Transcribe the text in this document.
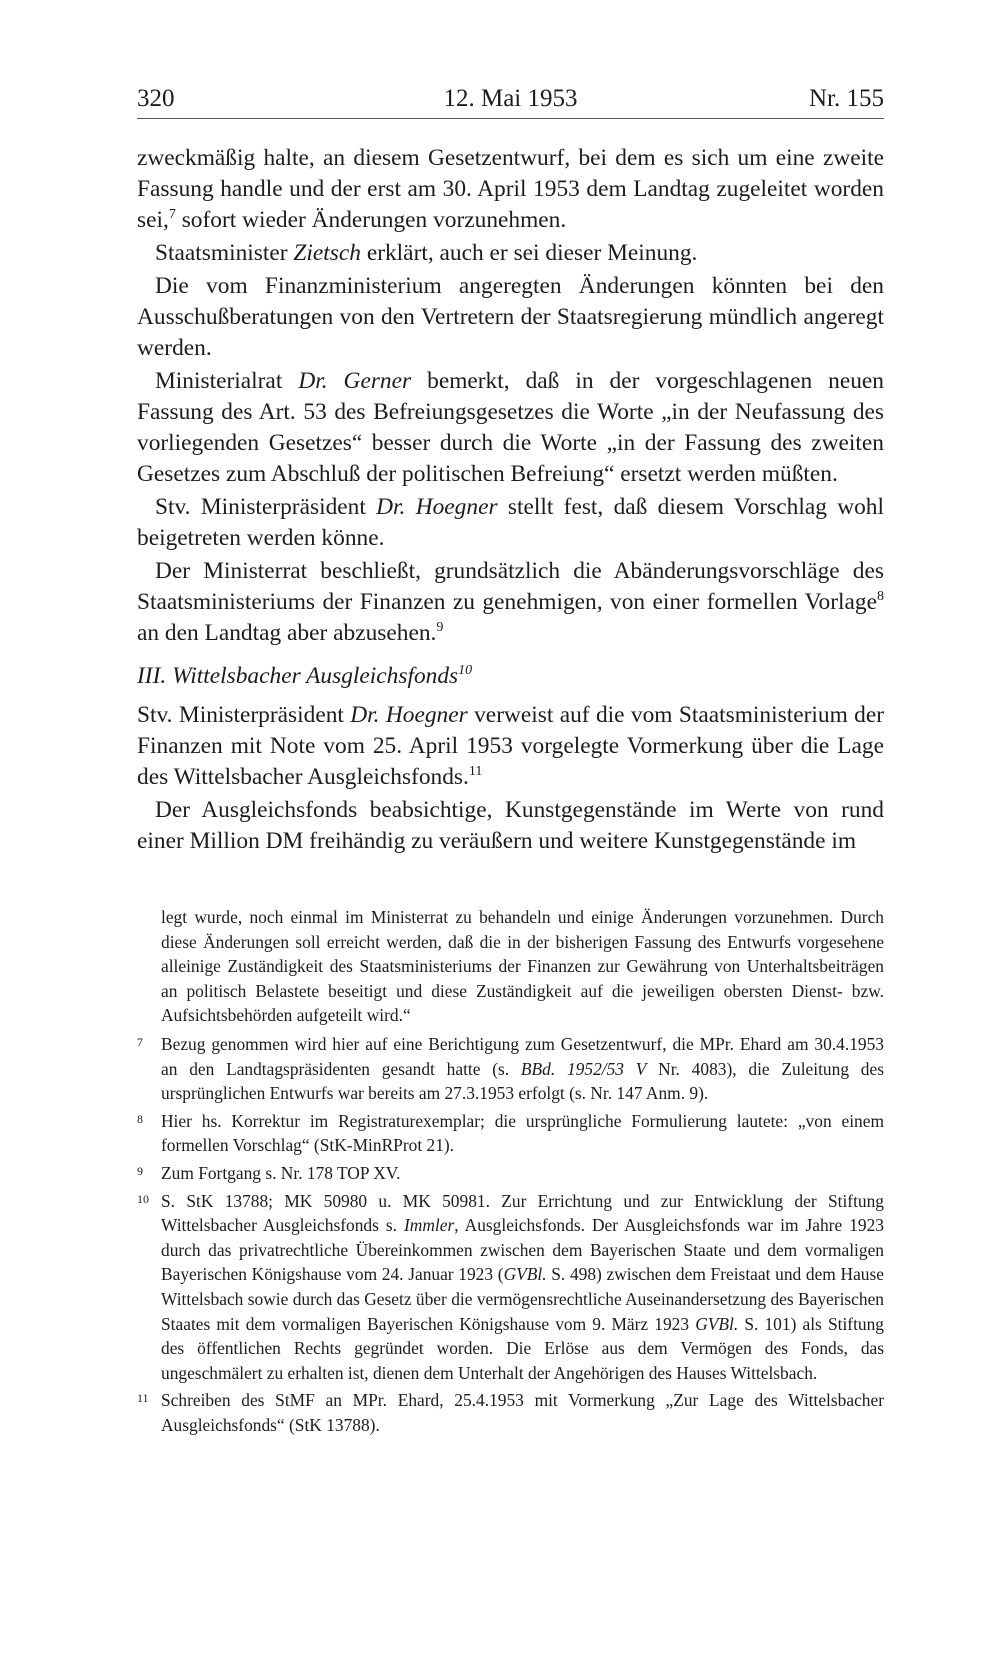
320	12. Mai 1953	Nr. 155

zweckmäßig halte, an diesem Gesetzentwurf, bei dem es sich um eine zweite Fassung handle und der erst am 30. April 1953 dem Landtag zugeleitet worden sei,$^7$ sofort wieder Änderungen vorzunehmen.

Staatsminister Zietsch erklärt, auch er sei dieser Meinung.

Die vom Finanzministerium angeregten Änderungen könnten bei den Ausschußberatungen von den Vertretern der Staatsregierung mündlich angeregt werden.

Ministerialrat Dr. Gerner bemerkt, daß in der vorgeschlagenen neuen Fassung des Art. 53 des Befreiungsgesetzes die Worte „in der Neufassung des vorliegenden Gesetzes“ besser durch die Worte „in der Fassung des zweiten Gesetzes zum Abschluß der politischen Befreiung“ ersetzt werden müßten.

Stv. Ministerpräsident Dr. Hoegner stellt fest, daß diesem Vorschlag wohl beigetreten werden könne.

Der Ministerrat beschließt, grundsätzlich die Abänderungsvorschläge des Staatsministeriums der Finanzen zu genehmigen, von einer formellen Vorlage$^8$ an den Landtag aber abzusehen.$^9$

III. Wittelsbacher Ausgleichsfonds$^{10}$

Stv. Ministerpräsident Dr. Hoegner verweist auf die vom Staatsministerium der Finanzen mit Note vom 25. April 1953 vorgelegte Vormerkung über die Lage des Wittelsbacher Ausgleichsfonds.$^{11}$

Der Ausgleichsfonds beabsichtige, Kunstgegenstände im Werte von rund einer Million DM freihändig zu veräußern und weitere Kunstgegenstände im

legt wurde, noch einmal im Ministerrat zu behandeln und einige Änderungen vorzunehmen. Durch diese Änderungen soll erreicht werden, daß die in der bisherigen Fassung des Entwurfs vorgesehene alleinige Zuständigkeit des Staatsministeriums der Finanzen zur Gewährung von Unterhaltsbeiträgen an politisch Belastete beseitigt und diese Zuständigkeit auf die jeweiligen obersten Dienst- bzw. Aufsichtsbehörden aufgeteilt wird.“
7 Bezug genommen wird hier auf eine Berichtigung zum Gesetzentwurf, die MPr. Ehard am 30.4.1953 an den Landtagspräsidenten gesandt hatte (s. BBd. 1952/53 V Nr. 4083), die Zuleitung des ursprünglichen Entwurfs war bereits am 27.3.1953 erfolgt (s. Nr. 147 Anm. 9).
8 Hier hs. Korrektur im Registraturexemplar; die ursprüngliche Formulierung lautete: „von einem formellen Vorschlag“ (StK-MinRProt 21).
9 Zum Fortgang s. Nr. 178 TOP XV.
10 S. StK 13788; MK 50980 u. MK 50981. Zur Errichtung und zur Entwicklung der Stiftung Wittelsbacher Ausgleichsfonds s. Immler, Ausgleichsfonds. Der Ausgleichsfonds war im Jahre 1923 durch das privatrechtliche Übereinkommen zwischen dem Bayerischen Staate und dem vormaligen Bayerischen Königshause vom 24. Januar 1923 (GVBl. S. 498) zwischen dem Freistaat und dem Hause Wittelsbach sowie durch das Gesetz über die vermögensrechtliche Auseinandersetzung des Bayerischen Staates mit dem vormaligen Bayerischen Königshause vom 9. März 1923 GVBl. S. 101) als Stiftung des öffentlichen Rechts gegründet worden. Die Erlöse aus dem Vermögen des Fonds, das ungeschmälert zu erhalten ist, dienen dem Unterhalt der Angehörigen des Hauses Wittelsbach.
11 Schreiben des StMF an MPr. Ehard, 25.4.1953 mit Vormerkung „Zur Lage des Wittelsbacher Ausgleichsfonds“ (StK 13788).
